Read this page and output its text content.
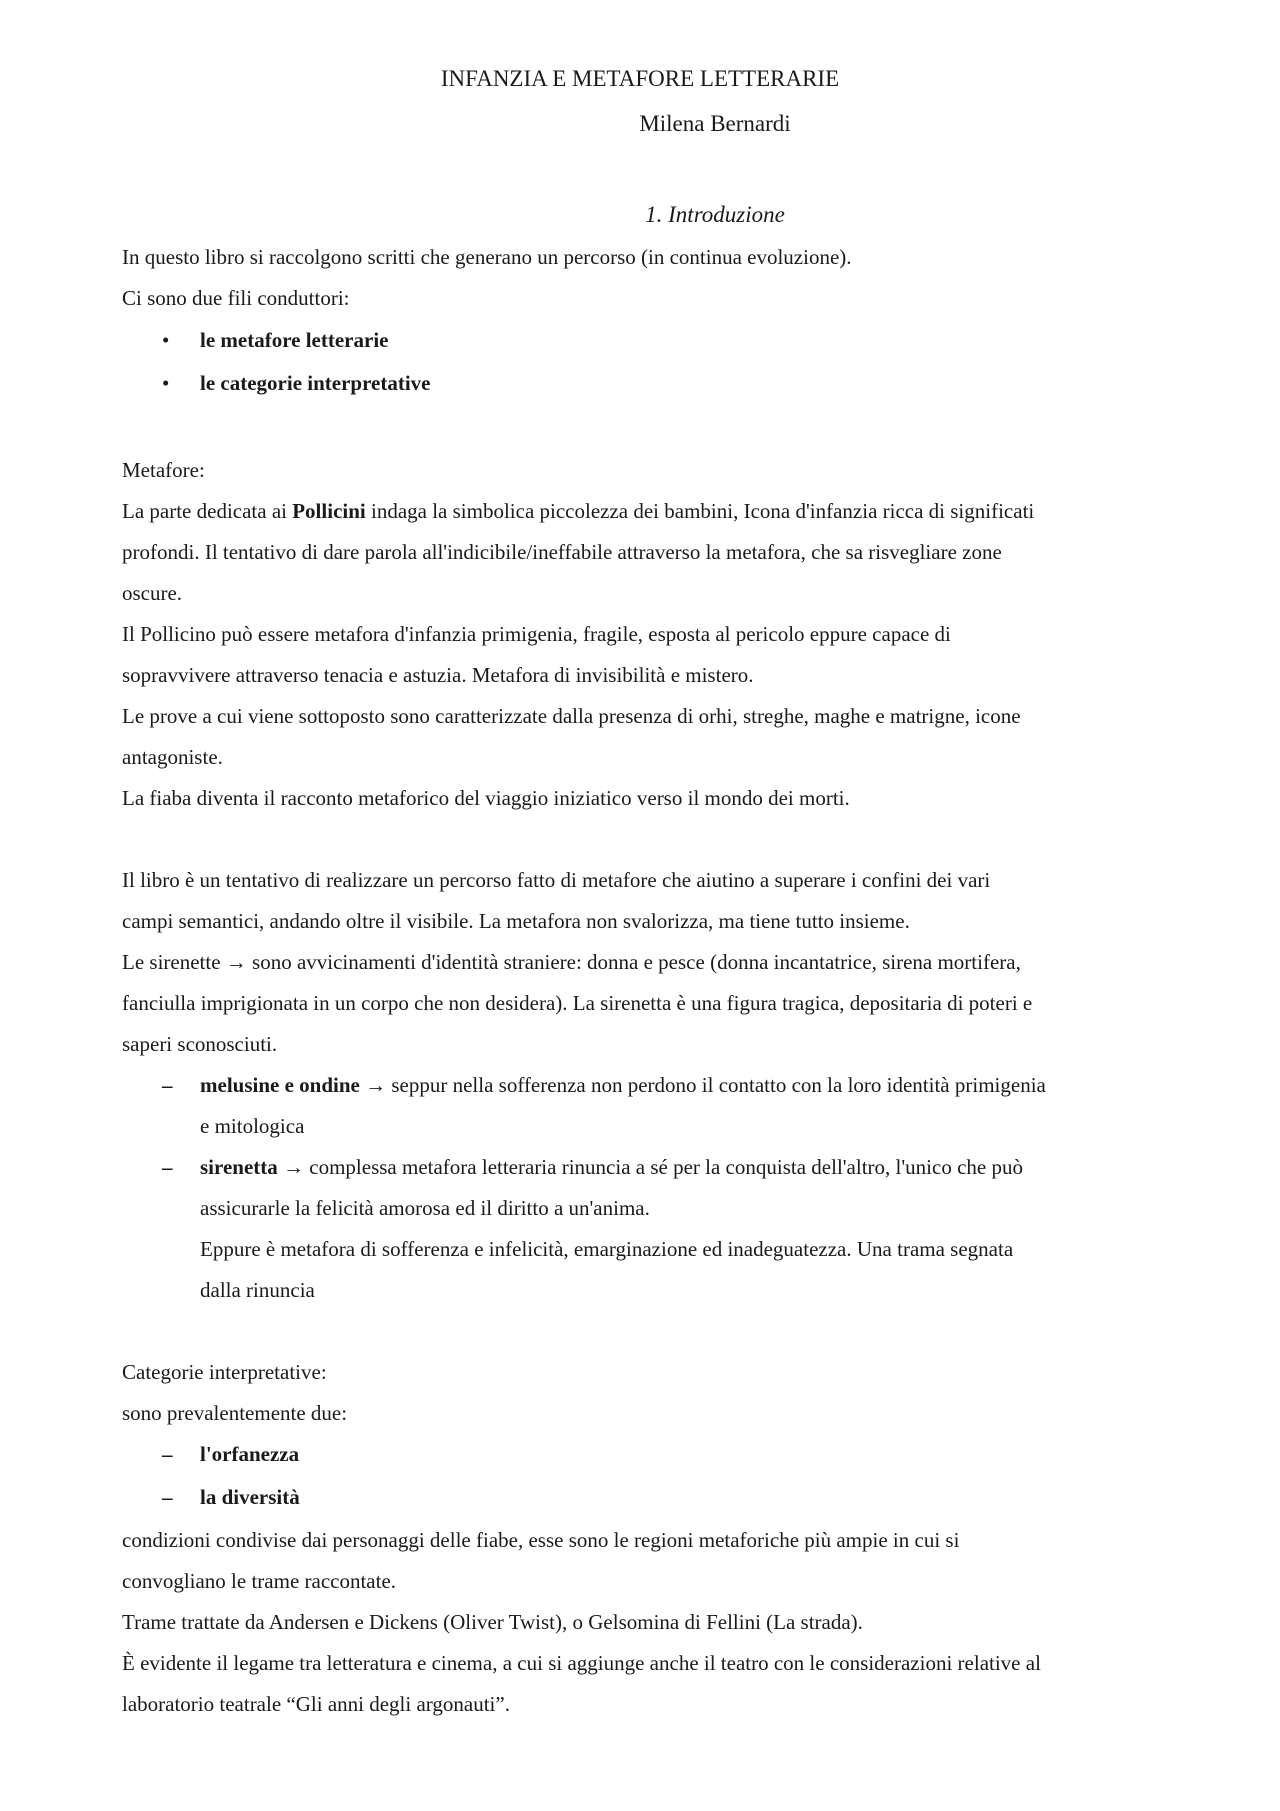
INFANZIA E METAFORE LETTERARIE
Milena Bernardi
1. Introduzione
In questo libro si raccolgono scritti che generano un percorso (in continua evoluzione).
Ci sono due fili conduttori:
• le metafore letterarie
• le categorie interpretative
Metafore:
La parte dedicata ai Pollicini indaga la simbolica piccolezza dei bambini, Icona d'infanzia ricca di significati
profondi. Il tentativo di dare parola all'indicibile/ineffabile attraverso la metafora, che sa risvegliare zone
oscure.
Il Pollicino può essere metafora d'infanzia primigenia, fragile, esposta al pericolo eppure capace di
sopravvivere attraverso tenacia e astuzia. Metafora di invisibilità e mistero.
Le prove a cui viene sottoposto sono caratterizzate dalla presenza di orhi, streghe, maghe e matrigne, icone
antagoniste.
La fiaba diventa il racconto metaforico del viaggio iniziatico verso il mondo dei morti.
Il libro è un tentativo di realizzare un percorso fatto di metafore che aiutino a superare i confini dei vari
campi semantici, andando oltre il visibile. La metafora non svalorizza, ma tiene tutto insieme.
Le sirenette → sono avvicinamenti d'identità straniere: donna e pesce (donna incantatrice, sirena mortifera,
fanciulla imprigionata in un corpo che non desidera). La sirenetta è una figura tragica, depositaria di poteri e
saperi sconosciuti.
– melusine e ondine → seppur nella sofferenza non perdono il contatto con la loro identità primigenia
e mitologica
– sirenetta → complessa metafora letteraria rinuncia a sé per la conquista dell'altro, l'unico che può
assicurarle la felicità amorosa ed il diritto a un'anima.
Eppure è metafora di sofferenza e infelicità, emarginazione ed inadeguatezza. Una trama segnata
dalla rinuncia
Categorie interpretative:
sono prevalentemente due:
– l'orfanezza
– la diversità
condizioni condivise dai personaggi delle fiabe, esse sono le regioni metaforiche più ampie in cui si
convogliano le trame raccontate.
Trame trattate da Andersen e Dickens (Oliver Twist), o Gelsomina di Fellini (La strada).
È evidente il legame tra letteratura e cinema, a cui si aggiunge anche il teatro con le considerazioni relative al
laboratorio teatrale “Gli anni degli argonauti”.
